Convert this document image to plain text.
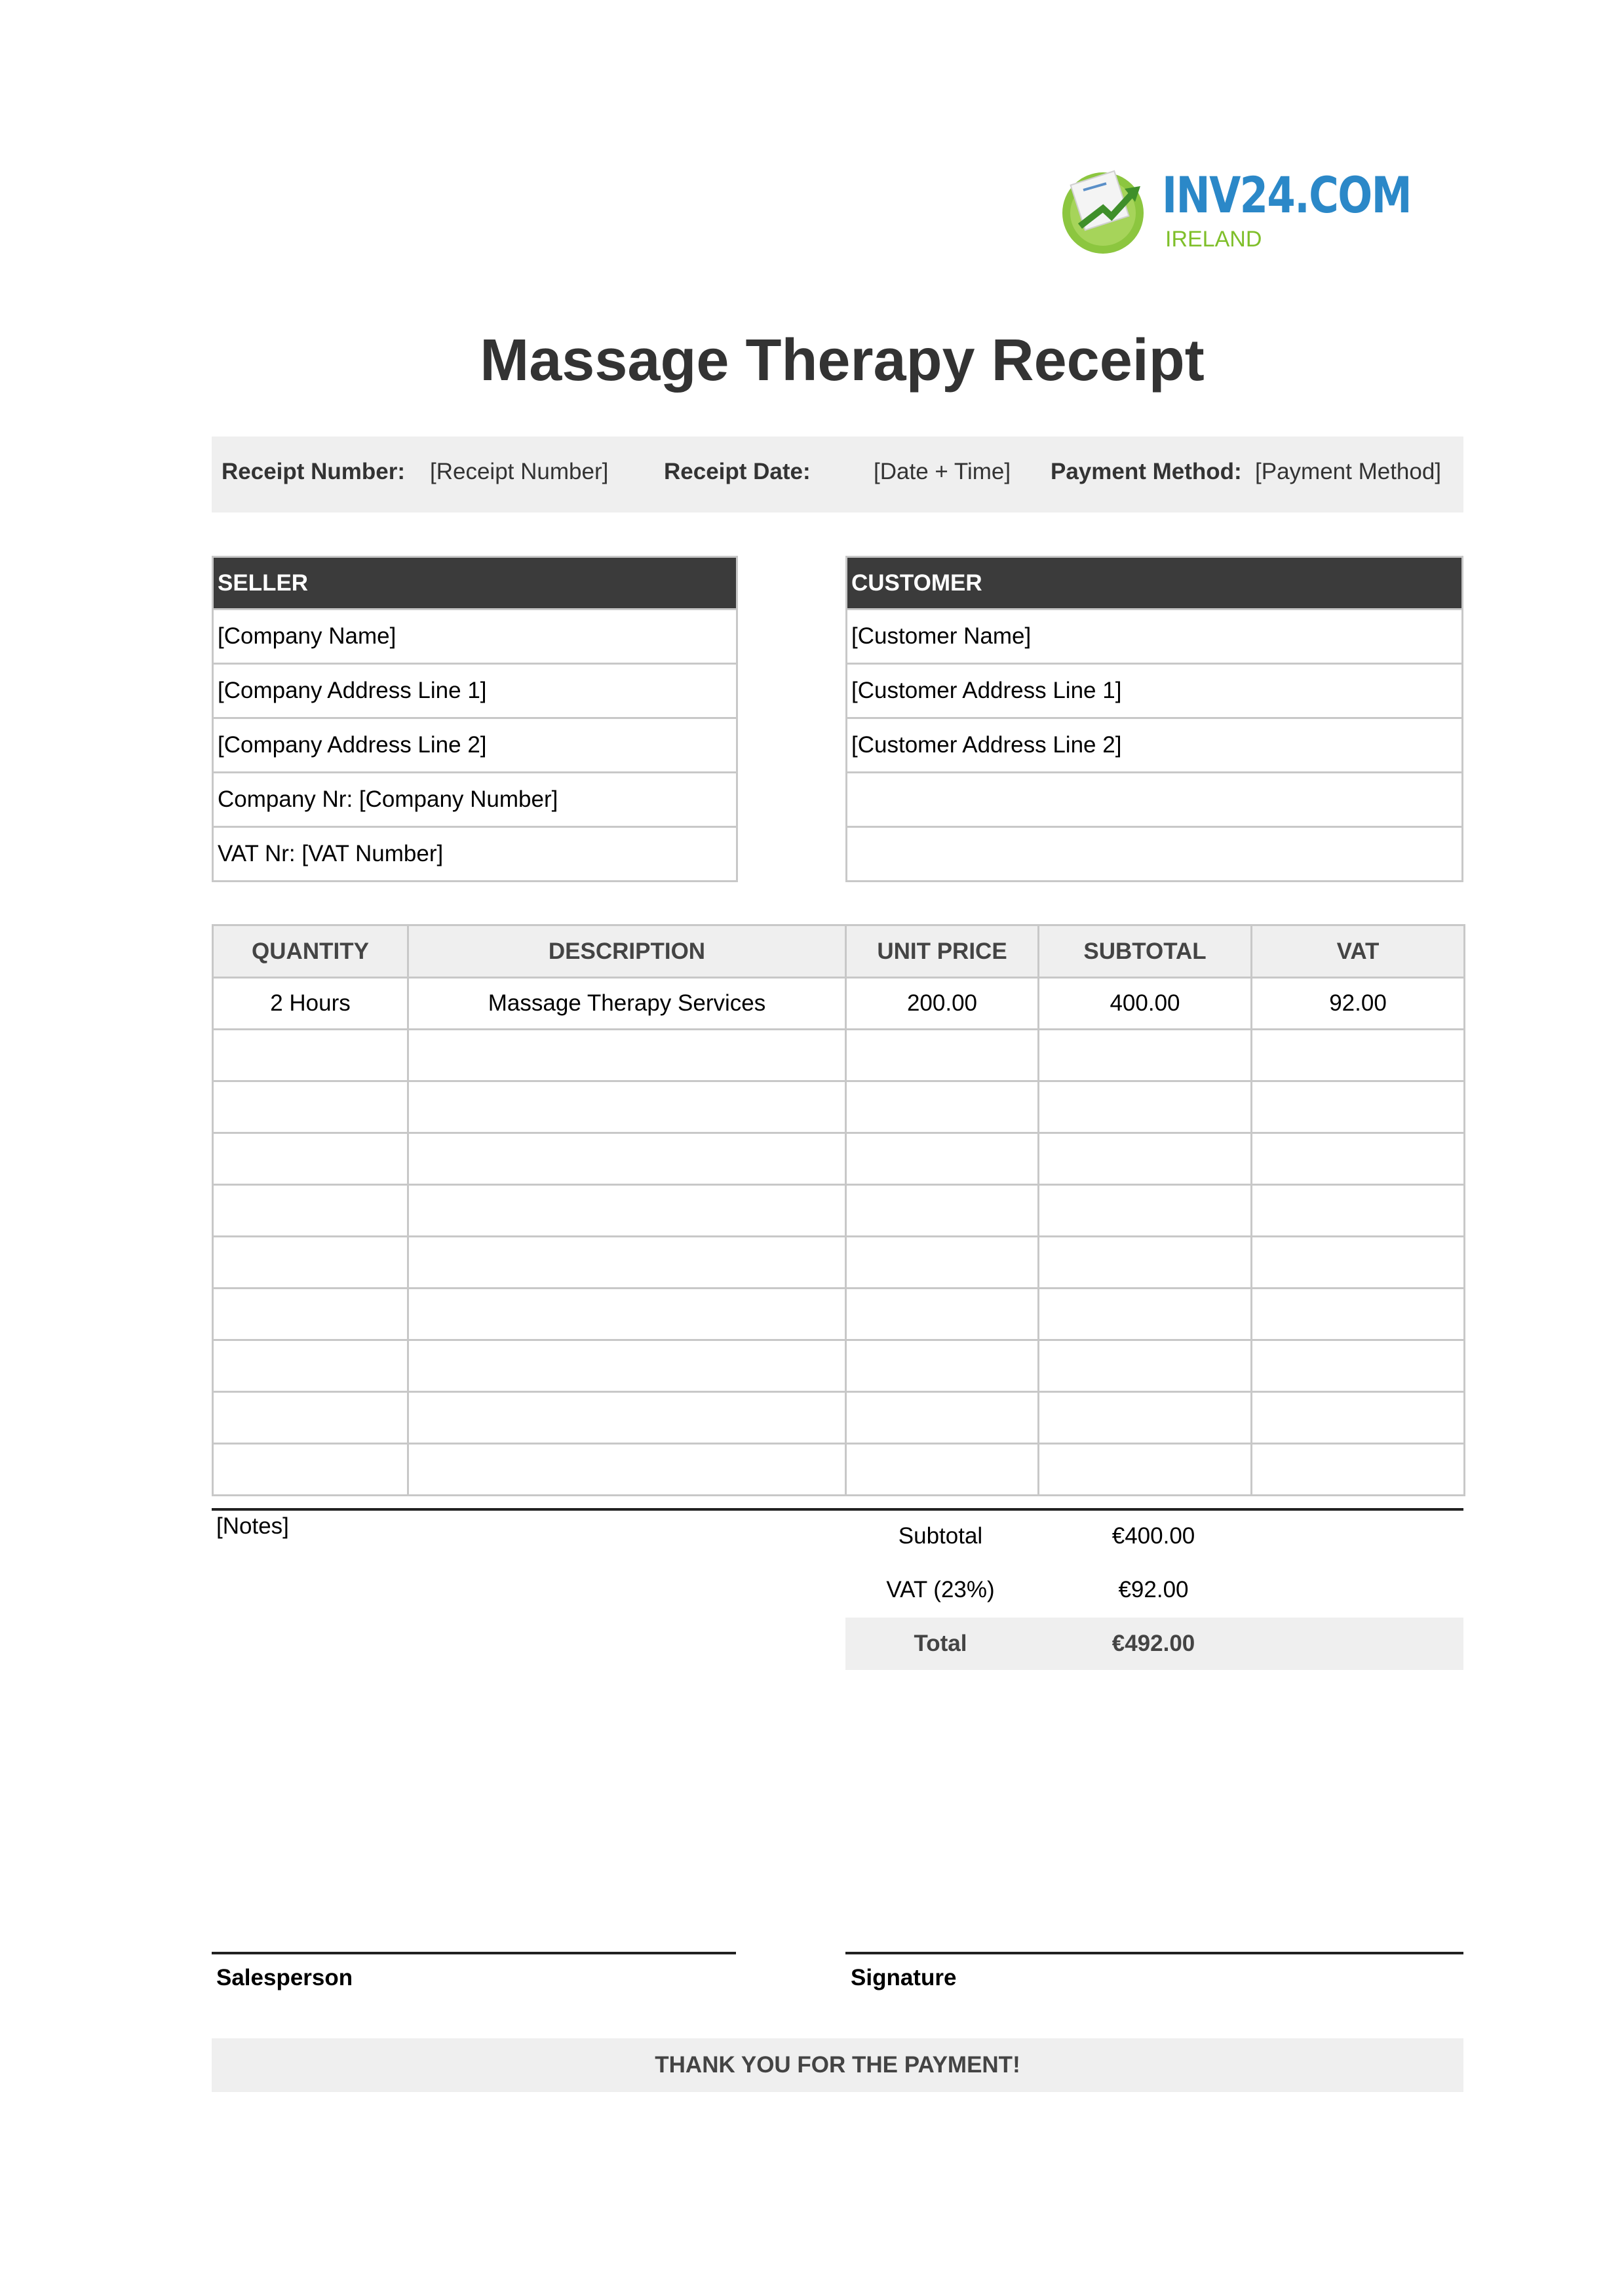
INV24.COM
IRELAND
Massage Therapy Receipt
Receipt Number: [Receipt Number] Receipt Date:	[Date + Time] Payment Method: [Payment Method]
SELLER
[Company Name]
[Company Address Line 1]
[Company Address Line 2]
Company Nr: [Company Number]
VAT Nr: [VAT Number]
CUSTOMER
[Customer Name]
[Customer Address Line 1]
[Customer Address Line 2]
QUANTITY	DESCRIPTION	UNIT PRICE	SUBTOTAL	VAT
2 Hours	Massage Therapy Services	200.00	400.00	92.00

[Notes]	Subtotal	€400.00
VAT (23%)	€92.00
Total	€492.00
Salesperson	Signature
THANK YOU FOR THE PAYMENT!
